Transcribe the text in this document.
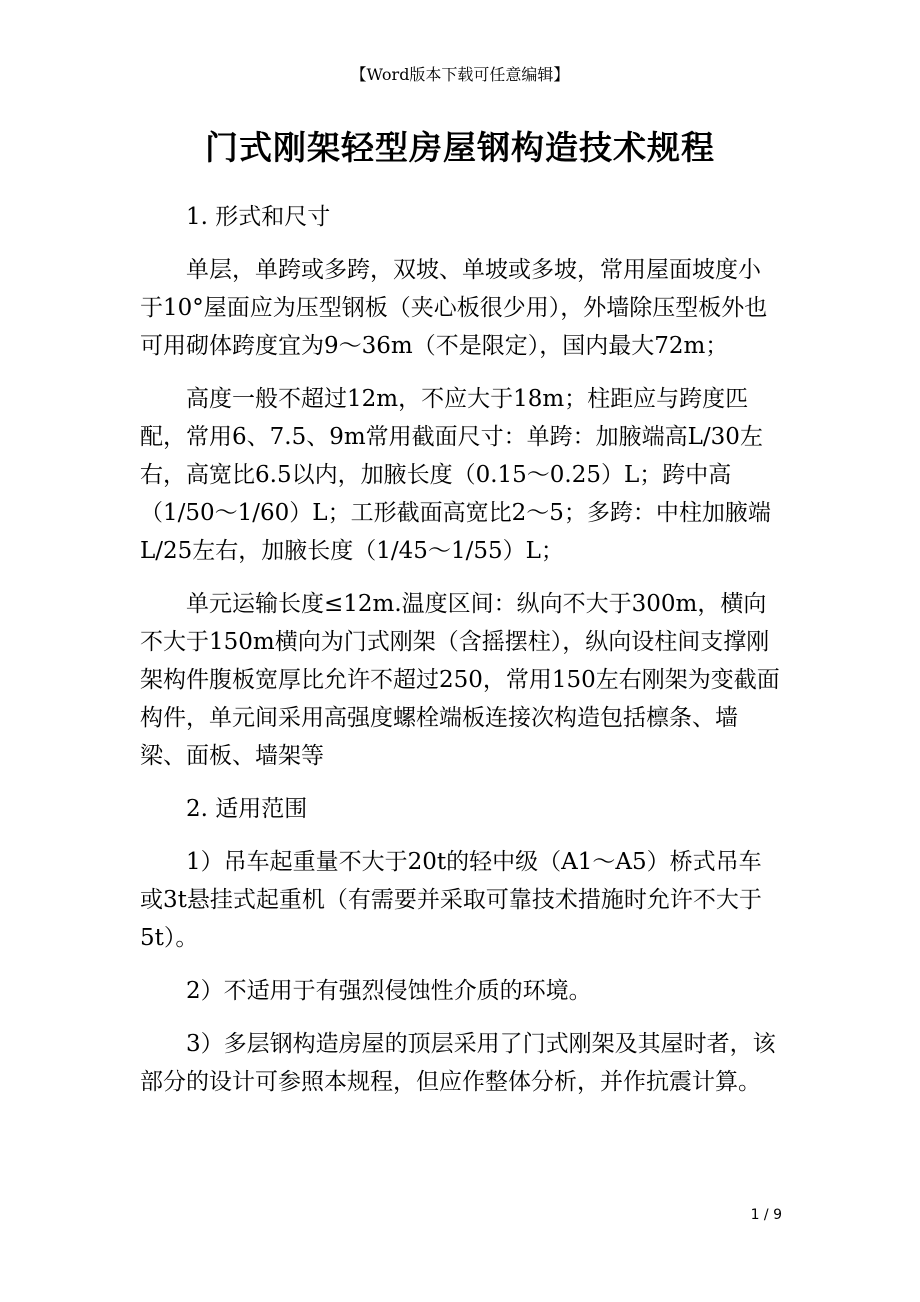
【Word版本下载可任意编辑】
门式刚架轻型房屋钢构造技术规程

1. 形式和尺寸

单层，单跨或多跨，双坡、单坡或多坡，常用屋面坡度小于10°屋面应为压型钢板（夹心板很少用），外墙除压型板外也可用砌体跨度宜为9～36m（不是限定），国内最大72m；

高度一般不超过12m，不应大于18m；柱距应与跨度匹配，常用6、7.5、9m常用截面尺寸：单跨：加腋端高L/30左右，高宽比6.5以内，加腋长度（0.15～0.25）L；跨中高（1/50～1/60）L；工形截面高宽比2～5；多跨：中柱加腋端L/25左右，加腋长度（1/45～1/55）L；

单元运输长度≤12m.温度区间：纵向不大于300m，横向不大于150m横向为门式刚架（含摇摆柱），纵向设柱间支撑刚架构件腹板宽厚比允许不超过250，常用150左右刚架为变截面构件，单元间采用高强度螺栓端板连接次构造包括檩条、墙梁、面板、墙架等

2. 适用范围

1）吊车起重量不大于20t的轻中级（A1～A5）桥式吊车或3t悬挂式起重机（有需要并采取可靠技术措施时允许不大于5t）。

2）不适用于有强烈侵蚀性介质的环境。

3）多层钢构造房屋的顶层采用了门式刚架及其屋时者，该部分的设计可参照本规程，但应作整体分析，并作抗震计算。

1 / 9
